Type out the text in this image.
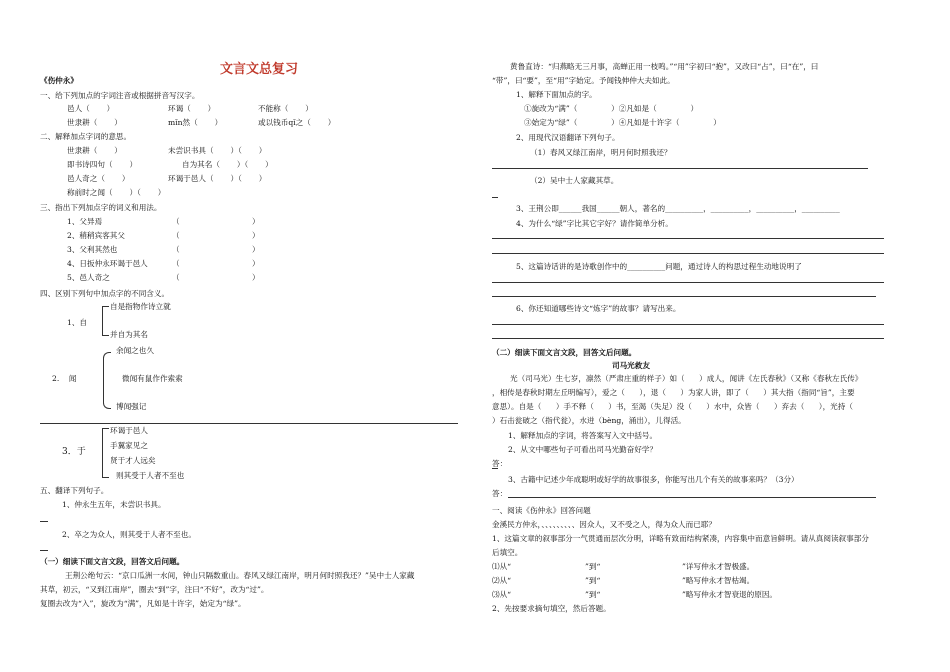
文言文总复习
《伤仲永》
一、给下列加点的字词注音或根据拼音写汉字。
邑人（       ）	环谒（       ）	不能称（       ）
世隶耕（       ）	mǐn然（       ）	或以钱币qǐ之（       ）
二、解释加点字词的意思。
世隶耕（       ）	未尝识书具（       ）（       ）
即书诗四句（       ）	自为其名（       ）（       ）
邑人奇之（       ）	环谒于邑人（       ）（       ）
称前时之闻（       ）（       ）
三、指出下列加点字的词义和用法。
1、父异焉	（                              ）
2、稍稍宾客其父	（                              ）
3、父利其然也	（                              ）
4、日扳仲永环谒于邑人	（                              ）
5、邑人奇之	（                              ）
四、区别下列句中加点字的不同含义。
1、自
自是指物作诗立就
并自为其名
2.    闻
余闻之也久
微闻有鼠作作索索
博闻强记
3．于
环谒于邑人
手翼家见之
贤于才人远矣
则其受于人者不至也
五、翻译下列句子。
1、仲永生五年，未尝识书具。
2、卒之为众人，则其受于人者不至也。
（一）细读下面文言文段，回答文后问题。
王荆公绝句云：“京口瓜洲一水间，钟山只隔数重山。春风又绿江南岸，明月何时照我还？”吴中士人家藏
其草，初云，“又到江南岸”，圈去“到”字，注曰“不好”，改为“过”。
复圈去改为“入”，旋改为“满”，凡如是十许字，始定为“绿”。
黄鲁直诗：“归燕略无三月事，高蝉正用一枝鸣。”“用”字初曰“抱”，又改曰“占”，曰“在”，曰
“带”，曰“要”，至“用”字始定。予闻钱伸仲大夫如此。
1、解释下面加点的字。
①旋改为“满”（              ）②凡如是（              ）
③始定为“绿”（              ）④凡如是十许字（              ）
2、用现代汉语翻译下列句子。
（1）春风又绿江南岸，明月何时照我还？
（2）吴中士人家藏其草。
3、王荆公即______我国______朝人，著名的__________，__________，__________，__________
4、为什么“绿”字比其它字好？请作简单分析。
5、这篇诗话讲的是诗歌创作中的__________问题，通过诗人的构思过程生动地说明了
6、你还知道哪些诗文“炼字”的故事？请写出来。
（二）细读下面文言文段，回答文后问题。
司马光救友
光（司马光）生七岁，凛然（严肃庄重的样子）如（      ）成人，闻讲《左氏春秋》（又称《春秋左氏传》
，相传是春秋时期左丘明编写），爱之（      ），退（      ）为家人讲，即了（      ）其大指（指同“旨”，主要
意思）。自是（      ）手不释（      ）书，至渴（失足）没（      ）水中，众皆（      ）弃去（      ），光持（
）石击瓮破之（指代瓮），水迸（bèng，涌出），儿得活。
1、解释加点的字词，将答案写入文中括号。
2、从文中哪些句子可看出司马光勤奋好学？
答：
3、古籍中记述少年成聪明或好学的故事很多，你能写出几个有关的故事来吗？（3分）
答：
一、阅读《伤仲永》回答问题
金溪民方仲永，、、、、、、、、、因众人，又不受之人，得为众人而已耶？
1、这篇文章的叙事部分一气贯通而层次分明，详略有致而结构紧凑，内容集中而意旨鲜明。请从真阅读叙事部分
后填空。
⑴从“	”到“	”详写仲永才智极盛。
⑵从“	”到“	”略写仲永才智枯竭。
⑶从“	”到“	”略写仲永才智衰退的原因。
2、先按要求摘句填空，然后答题。
